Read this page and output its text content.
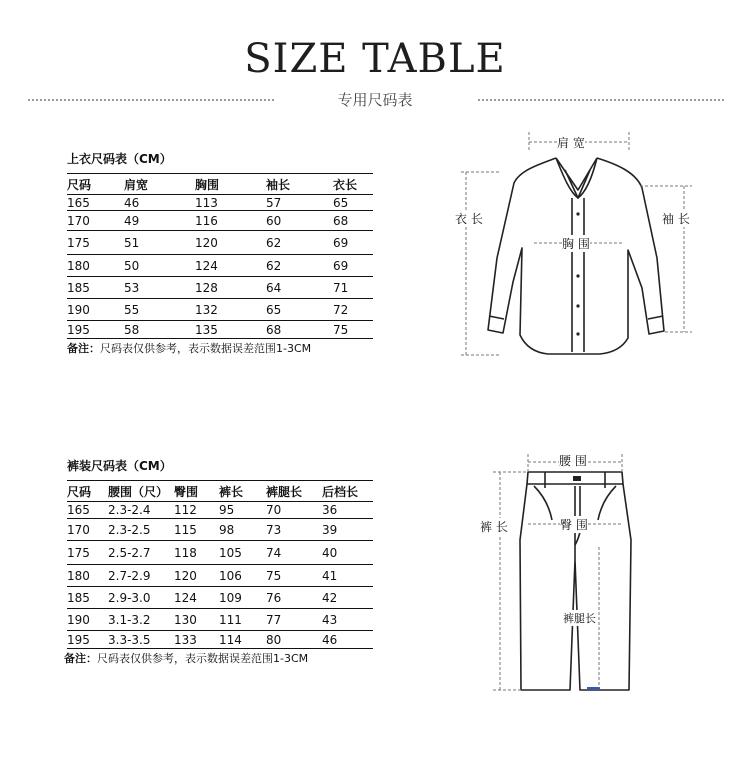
SIZE TABLE
专用尺码表
上衣尺码表（CM）
尺码	肩宽	胸围	袖长	衣长
165	46	113	57	65
170	49	116	60	68
175	51	120	62	69
180	50	124	62	69
185	53	128	64	71
190	55	132	65	72
195	58	135	68	75
备注：尺码表仅供参考，表示数据误差范围1-3CM
肩 宽
衣 长	袖 长
胸 围
裤装尺码表（CM）
尺码	腰围（尺）	臀围	裤长	裤腿长	后档长
165	2.3-2.4	112	95	70	36
170	2.3-2.5	115	98	73	39
175	2.5-2.7	118	105	74	40
180	2.7-2.9	120	106	75	41
185	2.9-3.0	124	109	76	42
190	3.1-3.2	130	111	77	43
195	3.3-3.5	133	114	80	46
备注：尺码表仅供参考，表示数据误差范围1-3CM
腰 围
裤 长	臀 围
裤腿长
